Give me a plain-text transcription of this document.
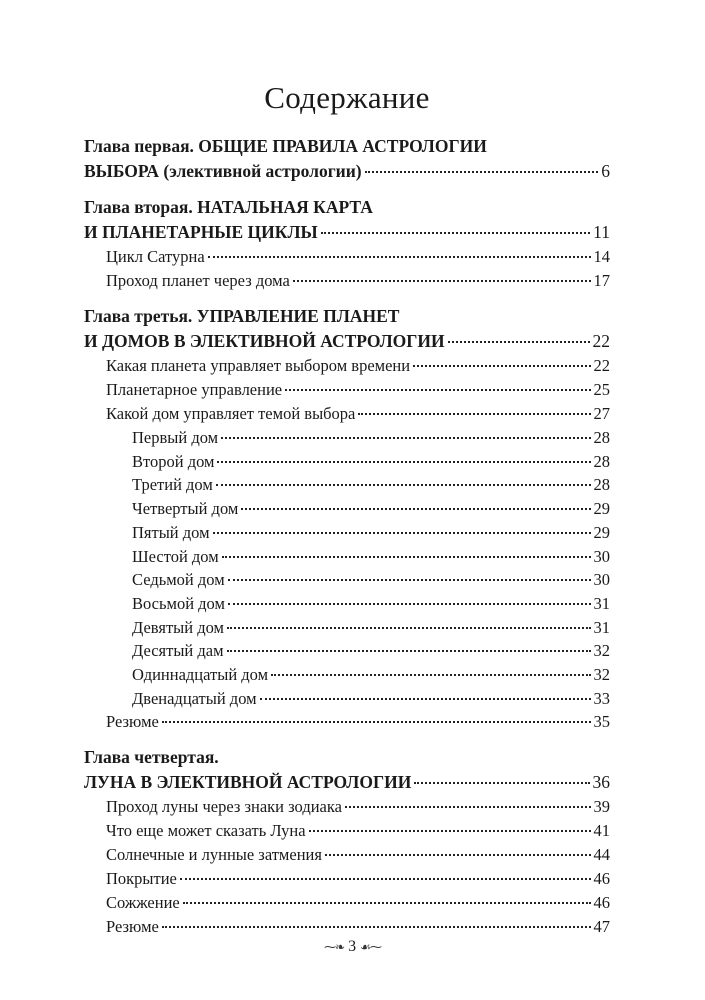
Содержание
Глава первая. ОБЩИЕ ПРАВИЛА АСТРОЛОГИИ
ВЫБОРА (элективной астрологии)	6
Глава вторая. НАТАЛЬНАЯ КАРТА
И ПЛАНЕТАРНЫЕ ЦИКЛЫ	11
Цикл Сатурна	14
Проход планет через дома	17
Глава третья. УПРАВЛЕНИЕ ПЛАНЕТ
И ДОМОВ В ЭЛЕКТИВНОЙ АСТРОЛОГИИ	22
Какая планета управляет выбором времени	22
Планетарное управление	25
Какой дом управляет темой выбора	27
Первый дом	28
Второй дом	28
Третий дом	28
Четвертый дом	29
Пятый дом	29
Шестой дом	30
Седьмой дом	30
Восьмой дом	31
Девятый дом	31
Десятый дам	32
Одиннадцатый дом	32
Двенадцатый дом	33
Резюме	35
Глава четвертая.
ЛУНА В ЭЛЕКТИВНОЙ АСТРОЛОГИИ	36
Проход луны через знаки зодиака	39
Что еще может сказать Луна	41
Солнечные и лунные затмения	44
Покрытие	46
Сожжение	46
Резюме	47
⁓❧ 3 ☙⁓
